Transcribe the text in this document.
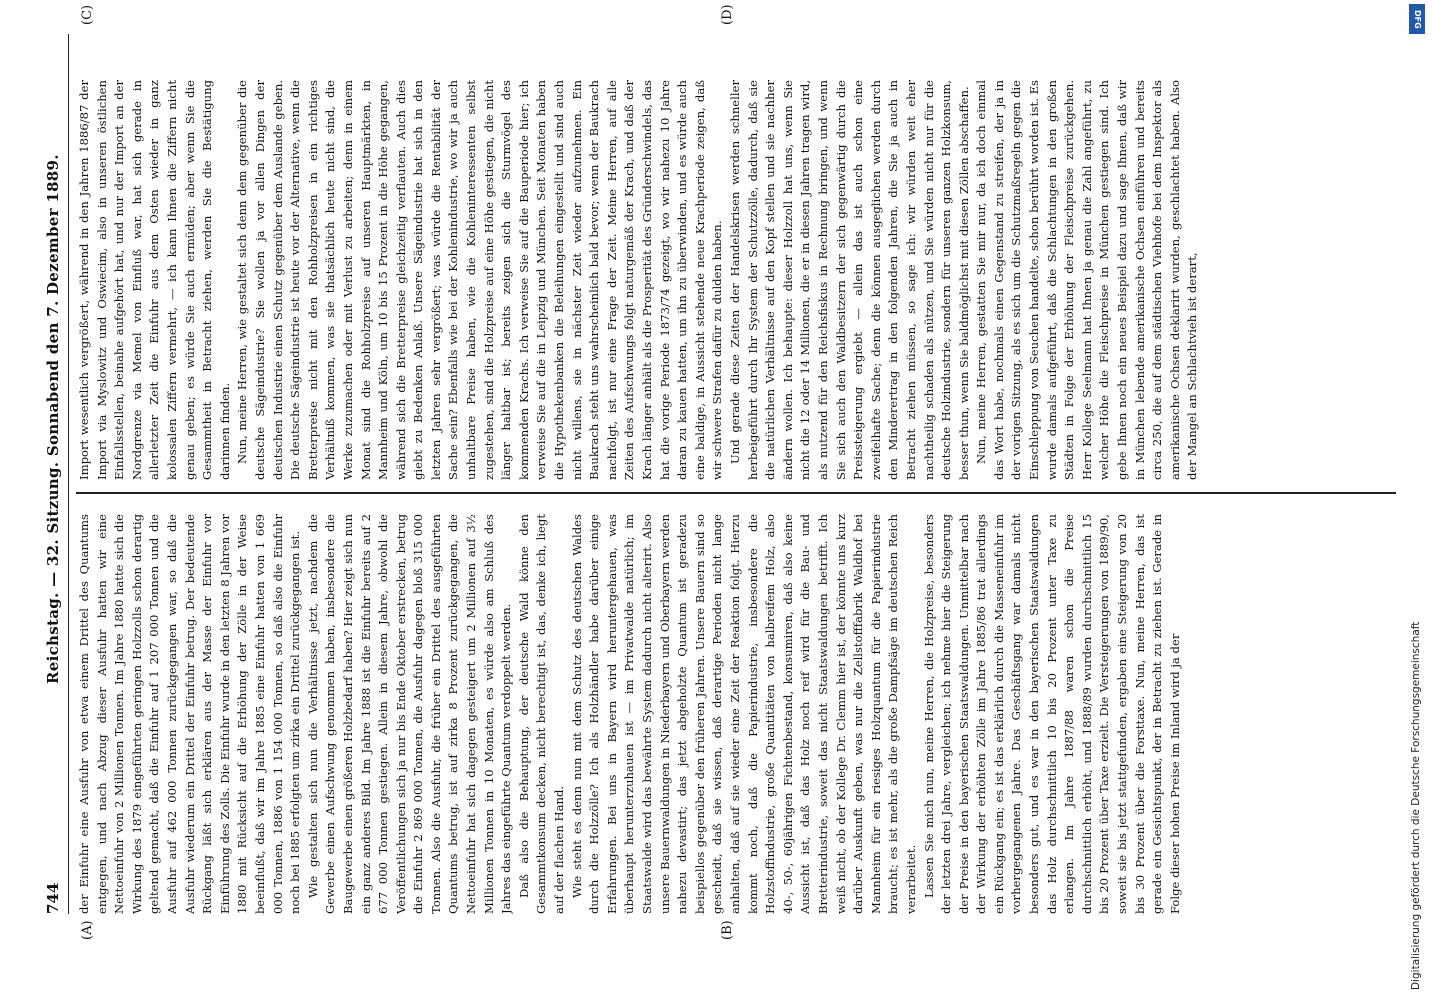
744
Reichstag. — 32. Sitzung. Sonnabend den 7. Dezember 1889.
(A)	(B)
(C)	(D)

der Einfuhr eine Ausfuhr von etwa einem Drittel des Quantums entgegen, und nach Abzug dieser Ausfuhr hatten wir eine Nettoeinfuhr von 2 Millionen Tonnen. Im Jahre 1880 hatte sich die Wirkung des 1879 eingeführten geringen Holzzolls schon derartig geltend gemacht, daß die Einfuhr auf 1 207 000 Tonnen und die Ausfuhr auf 462 000 Tonnen zurückgegangen war, so daß die Ausfuhr wiederum ein Drittel der Einfuhr betrug. Der bedeutende Rückgang läßt sich erklären aus der Masse der Einfuhr vor Einführung des Zolls. Die Einfuhr wurde in den letzten 8 Jahren vor 1880 mit Rücksicht auf die Erhöhung der Zölle in der Weise beeinflußt, daß wir im Jahre 1885 eine Einfuhr hatten von 1 669 000 Tonnen, 1886 von 1 154 000 Tonnen, so daß also die Einfuhr noch bei 1885 erfolgten um zirka ein Drittel zurückgegangen ist. Wie gestalten sich nun die Verhältnisse jetzt, nachdem die Gewerbe einen Aufschwung genommen haben, insbesondere die Baugewerbe einen größeren Holzbedarf haben? Hier zeigt sich nun ein ganz anderes Bild. Im Jahre 1888 ist die Einfuhr bereits auf 2 677 000 Tonnen gestiegen. Allein in diesem Jahre, obwohl die Veröffentlichungen sich ja nur bis Ende Oktober erstrecken, betrug die Einfuhr 2 869 000 Tonnen, die Ausfuhr dagegen bloß 315 000 Tonnen. Also die Ausfuhr, die früher ein Drittel des ausgeführten Quantums betrug, ist auf zirka 8 Prozent zurückgegangen, die Nettoeinfuhr hat sich dagegen gesteigert um 2 Millionen auf 3½ Millionen Tonnen in 10 Monaten, es würde also am Schluß des Jahres das eingeführte Quantum verdoppelt werden. Daß also die Behauptung, der deutsche Wald könne den Gesammtkonsum decken, nicht berechtigt ist, das, denke ich, liegt auf der flachen Hand. Wie steht es denn nun mit dem Schutz des deutschen Waldes durch die Holzzölle? Ich als Holzhändler habe darüber einige Erfahrungen. Bei uns in Bayern wird heruntergehauen, was überhaupt herunterzuhauen ist — im Privatwalde natürlich; im Staatswalde wird das bewährte System dadurch nicht alterirt. Also unsere Bauernwaldungen in Niederbayern und Oberbayern werden nahezu devastirt; das jetzt abgeholzte Quantum ist geradezu beispiellos gegenüber den früheren Jahren. Unsere Bauern sind so gescheidt, daß sie wissen, daß derartige Perioden nicht lange anhalten, daß auf sie wieder eine Zeit der Reaktion folgt. Hierzu kommt noch, daß die Papierindustrie, insbesondere die Holzstoffindustrie, große Quantitäten von halbreifem Holz, also 40-, 50-, 60jährigen Fichtenbestand, konsumiren, daß also keine Aussicht ist, daß das Holz noch reif wird für die Bau- und Bretterindustrie, soweit das nicht Staatswaldungen betrifft. Ich weiß nicht, ob der Kollege Dr. Clemm hier ist, der könnte uns kurz darüber Auskunft geben, was nur die Zellstofffabrik Waldhof bei Mannheim für ein riesiges Holzquantum für die Papierindustrie braucht; es ist mehr, als die große Dampfsäge im deutschen Reich verarbeitet. Lassen Sie mich nun, meine Herren, die Holzpreise, besonders der letzten drei Jahre, vergleichen; ich nehme hier die Steigerung der Preise in den bayerischen Staatswaldungen. Unmittelbar nach der Wirkung der erhöhten Zölle im Jahre 1885/86 trat allerdings ein Rückgang ein; es ist das erklärlich durch die Masseneinfuhr im vorhergegangenen Jahre. Das Geschäftsgang war damals nicht besonders gut, und es war in den bayerischen Staatswaldungen das Holz durchschnittlich 10 bis 20 Prozent unter Taxe zu erlangen. Im Jahre 1887/88 waren schon die Preise durchschnittlich erhöht, und 1888/89 wurden durchschnittlich 15 bis 20 Prozent über Taxe erzielt. Die Versteigerungen von 1889/90, soweit sie bis jetzt stattgefunden, ergaben eine Steigerung von 20 bis 30 Prozent über die Forsttaxe. Nun, meine Herren, das ist gerade ein Gesichtspunkt, der in Betracht zu ziehen ist. Gerade in Folge dieser hohen Preise im Inland wird ja der

Import wesentlich vergrößert, während in den Jahren 1886/87 der Import via Myslowitz und Oswiecim, also in unseren östlichen Einfallsstellen, beinahe aufgehört hat, und nur der Import an der Nordgrenze via Memel von Einfluß war, hat sich gerade in allerletzter Zeit die Einfuhr aus dem Osten wieder in ganz kolossalen Ziffern vermehrt, — ich kann Ihnen die Ziffern nicht genau geben; es würde Sie auch ermüden; aber wenn Sie die Gesammtheit in Betracht ziehen, werden Sie die Bestätigung darinnen finden. Nun, meine Herren, wie gestaltet sich denn dem gegenüber die deutsche Sägeindustrie? Sie wollen ja vor allen Dingen der deutschen Industrie einen Schutz gegenüber dem Auslande geben. Die deutsche Sägeindustrie ist heute vor der Alternative, wenn die Bretterpreise nicht mit den Rohholzpreisen in ein richtiges Verhältniß kommen, was sie thatsächlich heute nicht sind, die Werke zuzumachen oder mit Verlust zu arbeiten; denn in einem Monat sind die Rohholzpreise auf unseren Hauptmärkten, in Mannheim und Köln, um 10 bis 15 Prozent in die Höhe gegangen, während sich die Bretterpreise gleichzeitig verflauten. Auch dies giebt zu Bedenken Anlaß. Unsere Sägeindustrie hat sich in den letzten Jahren sehr vergrößert; was würde die Rentabilität der Sache sein? Ebenfalls wie bei der Kohlenindustrie, wo wir ja auch unhaltbare Preise haben, wie die Kohleninteressenten selbst zugestehen, sind die Holzpreise auf eine Höhe gestiegen, die nicht länger haltbar ist; bereits zeigen sich die Sturmvögel des kommenden Krachs. Ich verweise Sie auf die Bauperiode hier; ich verweise Sie auf die in Leipzig und München. Seit Monaten haben die Hypothekenbanken die Beleihungen eingestellt und sind auch nicht willens, sie in nächster Zeit wieder aufzunehmen. Ein Baukrach steht uns wahrscheinlich bald bevor; wenn der Baukrach nachfolgt, ist nur eine Frage der Zeit. Meine Herren, auf alle Zeiten des Aufschwungs folgt naturgemäß der Krach, und daß der Krach länger anhält als die Prosperität des Gründerschwindels, das hat die vorige Periode 1873/74 gezeigt, wo wir nahezu 10 Jahre daran zu kauen hatten, um ihn zu überwinden, und es würde auch eine baldige, in Aussicht stehende neue Krachperiode zeigen, daß wir schwere Strafen dafür zu dulden haben. Und gerade diese Zeiten der Handelskrisen werden schneller herbeigeführt durch Ihr System der Schutzzölle, dadurch, daß sie die natürlichen Verhältnisse auf den Kopf stellen und sie nachher ändern wollen. Ich behaupte: dieser Holzzoll hat uns, wenn Sie nicht die 12 oder 14 Millionen, die er in diesen Jahren tragen wird, als nutzend für den Reichsfiskus in Rechnung bringen, und wenn Sie sich auch den Waldbesitzern der sich gegenwärtig durch die Preissteigerung ergiebt — allein das ist auch schon eine zweifelhafte Sache; denn die können ausgeglichen werden durch den Minderertrag in den folgenden Jahren, die Sie ja auch in Betracht ziehen müssen, so sage ich: wir würden weit eher nachtheilig schaden als nützen, und Sie würden nicht nur für die deutsche Holzindustrie, sondern für unseren ganzen Holzkonsum, besser thun, wenn Sie baldmöglichst mit diesen Zöllen abschaffen. Nun, meine Herren, gestatten Sie mir nur, da ich doch einmal das Wort habe, nochmals einen Gegenstand zu streifen, der ja in der vorigen Sitzung, als es sich um die Schutzmaßregeln gegen die Einschleppung von Seuchen handelte, schon berührt worden ist. Es wurde damals aufgeführt, daß die Schlachtungen in den großen Städten in Folge der Erhöhung der Fleischpreise zurückgehen. Herr Kollege Seelmann hat Ihnen ja genau die Zahl angeführt, zu welcher Höhe die Fleischpreise in München gestiegen sind. Ich gebe Ihnen noch ein neues Beispiel dazu und sage Ihnen, daß wir in München lebende amerikanische Ochsen einführen und bereits circa 250, die auf dem städtischen Viehhofe bei dem Inspektor als amerikanische Ochsen deklarirt wurden, geschlachtet haben. Also der Mangel an Schlachtvieh ist derart,

DFG
Digitalisierung gefördert durch die Deutsche Forschungsgemeinschaft
